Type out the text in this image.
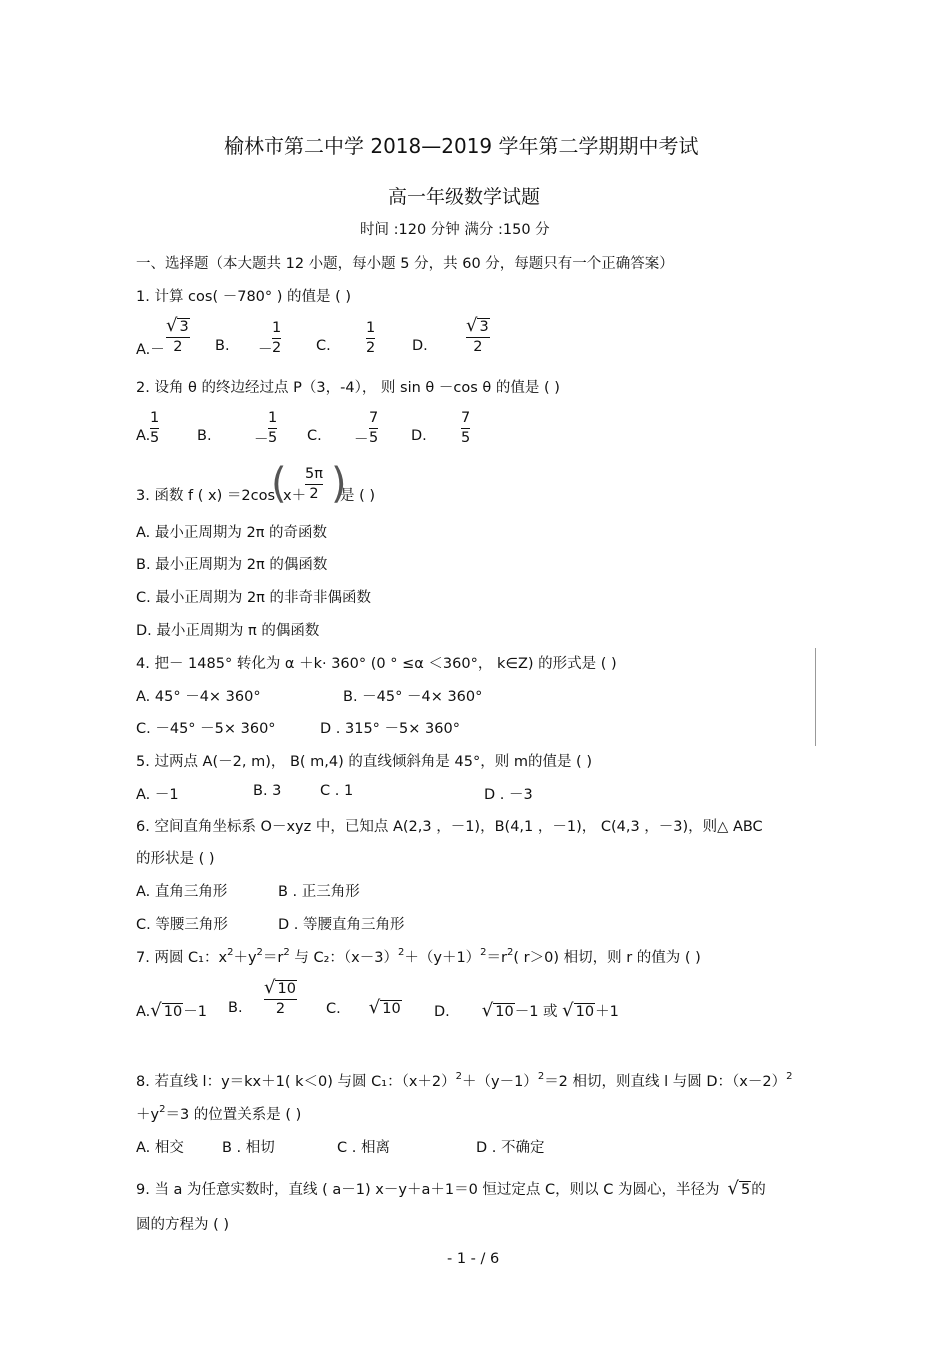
榆林市第二中学 2018—2019 学年第二学期期中考试
高一年级数学试题
时间 :120 分钟 满分 :150 分
一、选择题（本大题共 12 小题，每小题 5 分，共 60 分，每题只有一个正确答案）
1. 计算 cos( －780° ) 的值是 ( )
A.－
√ 3
2	B. －
1
2 C.
1
2	D.
√ 3
2
2. 设角 θ 的终边经过点 P（3，-4）， 则 sin θ －cos θ 的值是 ( )
A.
1
5	B.	－
1
5 C. －
7
5 D.
7
5
3. 函数 f ( x) ＝2cos
(
x＋
5π
2 )
是 ( )
A. 最小正周期为 2π 的奇函数
B. 最小正周期为 2π 的偶函数
C. 最小正周期为 2π 的非奇非偶函数
D. 最小正周期为 π 的偶函数
4. 把－ 1485° 转化为 α ＋k· 360° (0 ° ≤α ＜360°， k∈Z) 的形式是 ( )
A. 45° －4× 360°	B. －45° －4× 360°
C. －45° －5× 360°	D . 315° －5× 360°
5. 过两点 A(－2, m)， B( m,4) 的直线倾斜角是 45°，则 m的值是 ( )
A. －1	B. 3	C . 1	D . －3
6. 空间直角坐标系 O－xyz 中，已知点 A(2,3 ，－1)，B(4,1 ，－1)， C(4,3 ，－3)，则△ ABC
的形状是 ( )
A. 直角三角形	B . 正三角形
C. 等腰三角形	D . 等腰直角三角形
7. 两圆 C₁：$x^2+y^2=r^2$ 与 C₂：$(x-3)^2+(y+1)^2=r^2$( r＞0) 相切，则 r 的值为 ( )
A.√ 10－1 B.
√ 10
2	C. √ 10 D. √ 10－1 或 √ 10＋1
8. 若直线 l：y＝kx＋1( k＜0) 与圆 C₁：$(x+2)^2+(y-1)^2=2$ 相切，则直线 l 与圆 D：$(x-2)^2$
$+y^2=3$ 的位置关系是 ( )
A. 相交	B . 相切	C . 相离	D . 不确定
9. 当 a 为任意实数时，直线 ( a－1) x－y＋a＋1＝0 恒过定点 C，则以 C 为圆心，半径为 √ 5的
圆的方程为 ( )
- 1 - / 6
